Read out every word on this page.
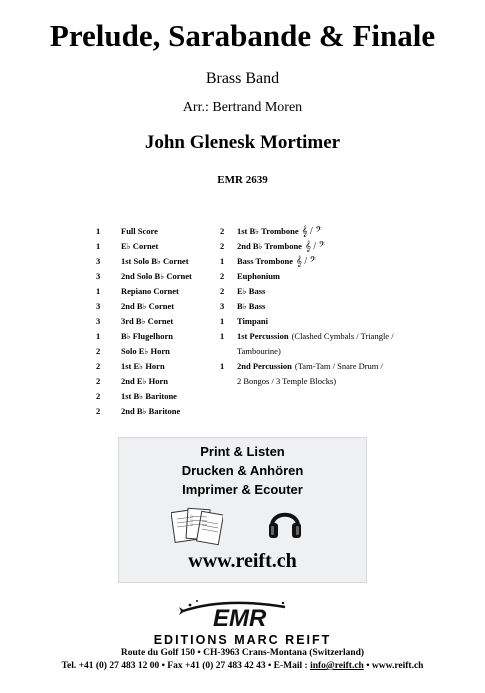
Prelude, Sarabande & Finale
Brass Band
Arr.: Bertrand Moren
John Glenesk Mortimer
EMR 2639
1	Full Score
1	E♭ Cornet
3	1st Solo B♭ Cornet
3	2nd Solo B♭ Cornet
1	Repiano Cornet
3	2nd B♭ Cornet
3	3rd B♭ Cornet
1	B♭ Flugelhorn
2	Solo E♭ Horn
2	1st E♭ Horn
2	2nd E♭ Horn
2	1st B♭ Baritone
2	2nd B♭ Baritone
2	1st B♭ Trombone 𝄞 / 𝄢
2	2nd B♭ Trombone 𝄞 / 𝄢
1	Bass Trombone 𝄞 / 𝄢
2	Euphonium
2	E♭ Bass
3	B♭ Bass
1	Timpani
1	1st Percussion (Clashed Cymbals / Triangle /
Tambourine)
1	2nd Percussion (Tam-Tam / Snare Drum /
2 Bongos / 3 Temple Blocks)
Print & Listen
Drucken & Anhören
Imprimer & Ecouter
www.reift.ch
EMR
EDITIONS MARC REIFT
Route du Golf 150 • CH-3963 Crans-Montana (Switzerland)
Tel. +41 (0) 27 483 12 00 • Fax +41 (0) 27 483 42 43 • E-Mail : info@reift.ch • www.reift.ch
